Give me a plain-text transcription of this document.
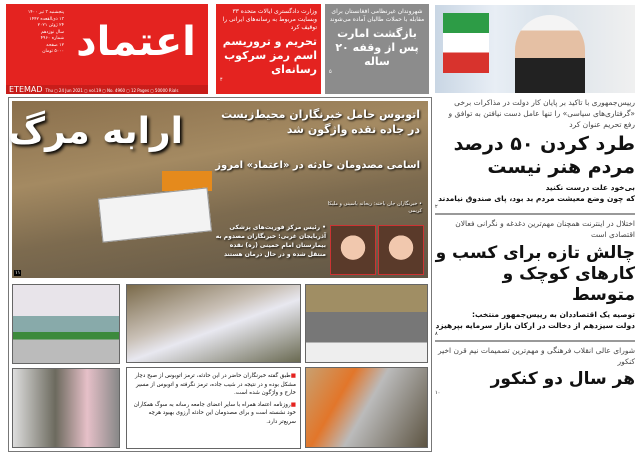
پنجشنبه ۳ تیر ۱۴۰۰
۱۳ ذی‌القعده ۱۴۴۲
۲۴ ژوئن ۲۰۲۱
سال نوزدهم
شماره ۴۹۶۰
۱۲ صفحه
۵۰۰۰ تومان اعتماد
ETEMAD Thu ◻ 24 Jun 2021 ◻ vol.19 ◻ No. 4960 ◻ 12 Pages ◻ 50000 Rials
وزارت دادگستری ایالات متحده ۳۳ وبسایت مربوط به رسانه‌های ایرانی را توقیف کرد
تحریم و تروریسم اسم رمز سرکوب رسانه‌ای
۴
شهروندان غیرنظامی افغانستان برای مقابله با حملات طالبان آماده می‌شوند
بازگشت امارت پس از وقفه ۲۰ ساله
۵
ارابه مرگ	اتوبوس حامل خبرنگاران محیط‌زیست
در جاده نقده واژگون شد
اسامی مصدومان حادثه در «اعتماد» امروز
• خبرنگاران جان باخته: ریحانه یاسینی و ملیکا کریمی
• رئیس مرکز فوریت‌های پزشکی آذربایجان غربی: خبرنگاران مصدوم به بیمارستان امام خمینی (ره) نقده منتقل شده و در حال درمان هستند
۱۱

■طبق گفته خبرنگاران حاضر در این حادثه، ترمز اتوبوس از صبح دچار مشکل بوده و در نتیجه در شیب جاده، ترمز نگرفته و اتوبوس از مسیر خارج و واژگون شده است.

■روزنامه اعتماد همراه با سایر اعضای جامعه رسانه به سوگ همکاران خود نشسته است و برای مصدومان این حادثه آرزوی بهبود هرچه سریع‌تر دارد.

رییس‌جمهوری با تاکید بر پایان کار دولت در مذاکرات برخی «گرفتاری‌های سیاسی» را تنها عامل دست نیافتن به توافق و رفع تحریم عنوان کرد
طرد کردن ۵۰ درصد مردم هنر نیست
بی‌خود علت درست نکنید
که چون وضع معیشت مردم بد بود، پای صندوق نیامدند
۲
اختلال در اینترنت همچنان مهم‌ترین دغدغه و نگرانی فعالان اقتصادی است
چالش تازه برای کسب و کارهای کوچک و متوسط
توصیه یک اقتصاددان به رییس‌جمهور منتخب:
دولت سیزدهم از دخالت در ارکان بازار سرمایه بپرهیزد
۸
شورای عالی انقلاب فرهنگی و مهم‌ترین تصمیمات نیم قرن اخیر کنکور
هر سال دو کنکور
۱۰
